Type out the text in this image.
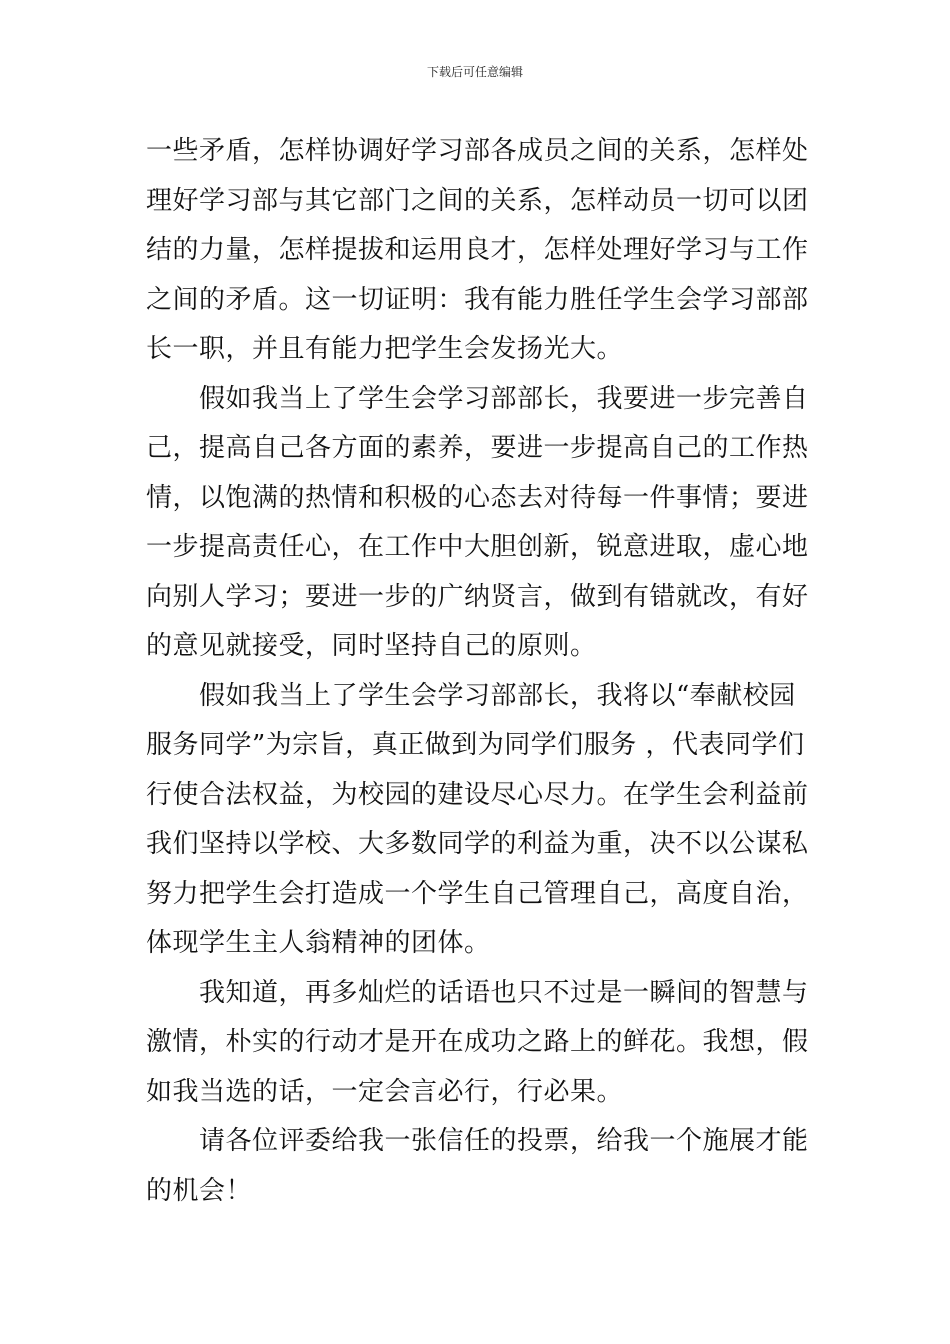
下载后可任意编辑

一些矛盾，怎样协调好学习部各成员之间的关系，怎样处

理好学习部与其它部门之间的关系，怎样动员一切可以团

结的力量，怎样提拔和运用良才，怎样处理好学习与工作

之间的矛盾。这一切证明：我有能力胜任学生会学习部部

长一职，并且有能力把学生会发扬光大。

假如我当上了学生会学习部部长，我要进一步完善自

己，提高自己各方面的素养，要进一步提高自己的工作热

情，以饱满的热情和积极的心态去对待每一件事情；要进

一步提高责任心，在工作中大胆创新，锐意进取，虚心地

向别人学习；要进一步的广纳贤言，做到有错就改，有好

的意见就接受，同时坚持自己的原则。

假如我当上了学生会学习部部长，我将以“奉献校园

服务同学”为宗旨，真正做到为同学们服务 ，代表同学们

行使合法权益，为校园的建设尽心尽力。在学生会利益前

我们坚持以学校、大多数同学的利益为重，决不以公谋私

努力把学生会打造成一个学生自己管理自己，高度自治，

体现学生主人翁精神的团体。

我知道，再多灿烂的话语也只不过是一瞬间的智慧与

激情，朴实的行动才是开在成功之路上的鲜花。我想，假

如我当选的话，一定会言必行，行必果。

请各位评委给我一张信任的投票，给我一个施展才能

的机会！
